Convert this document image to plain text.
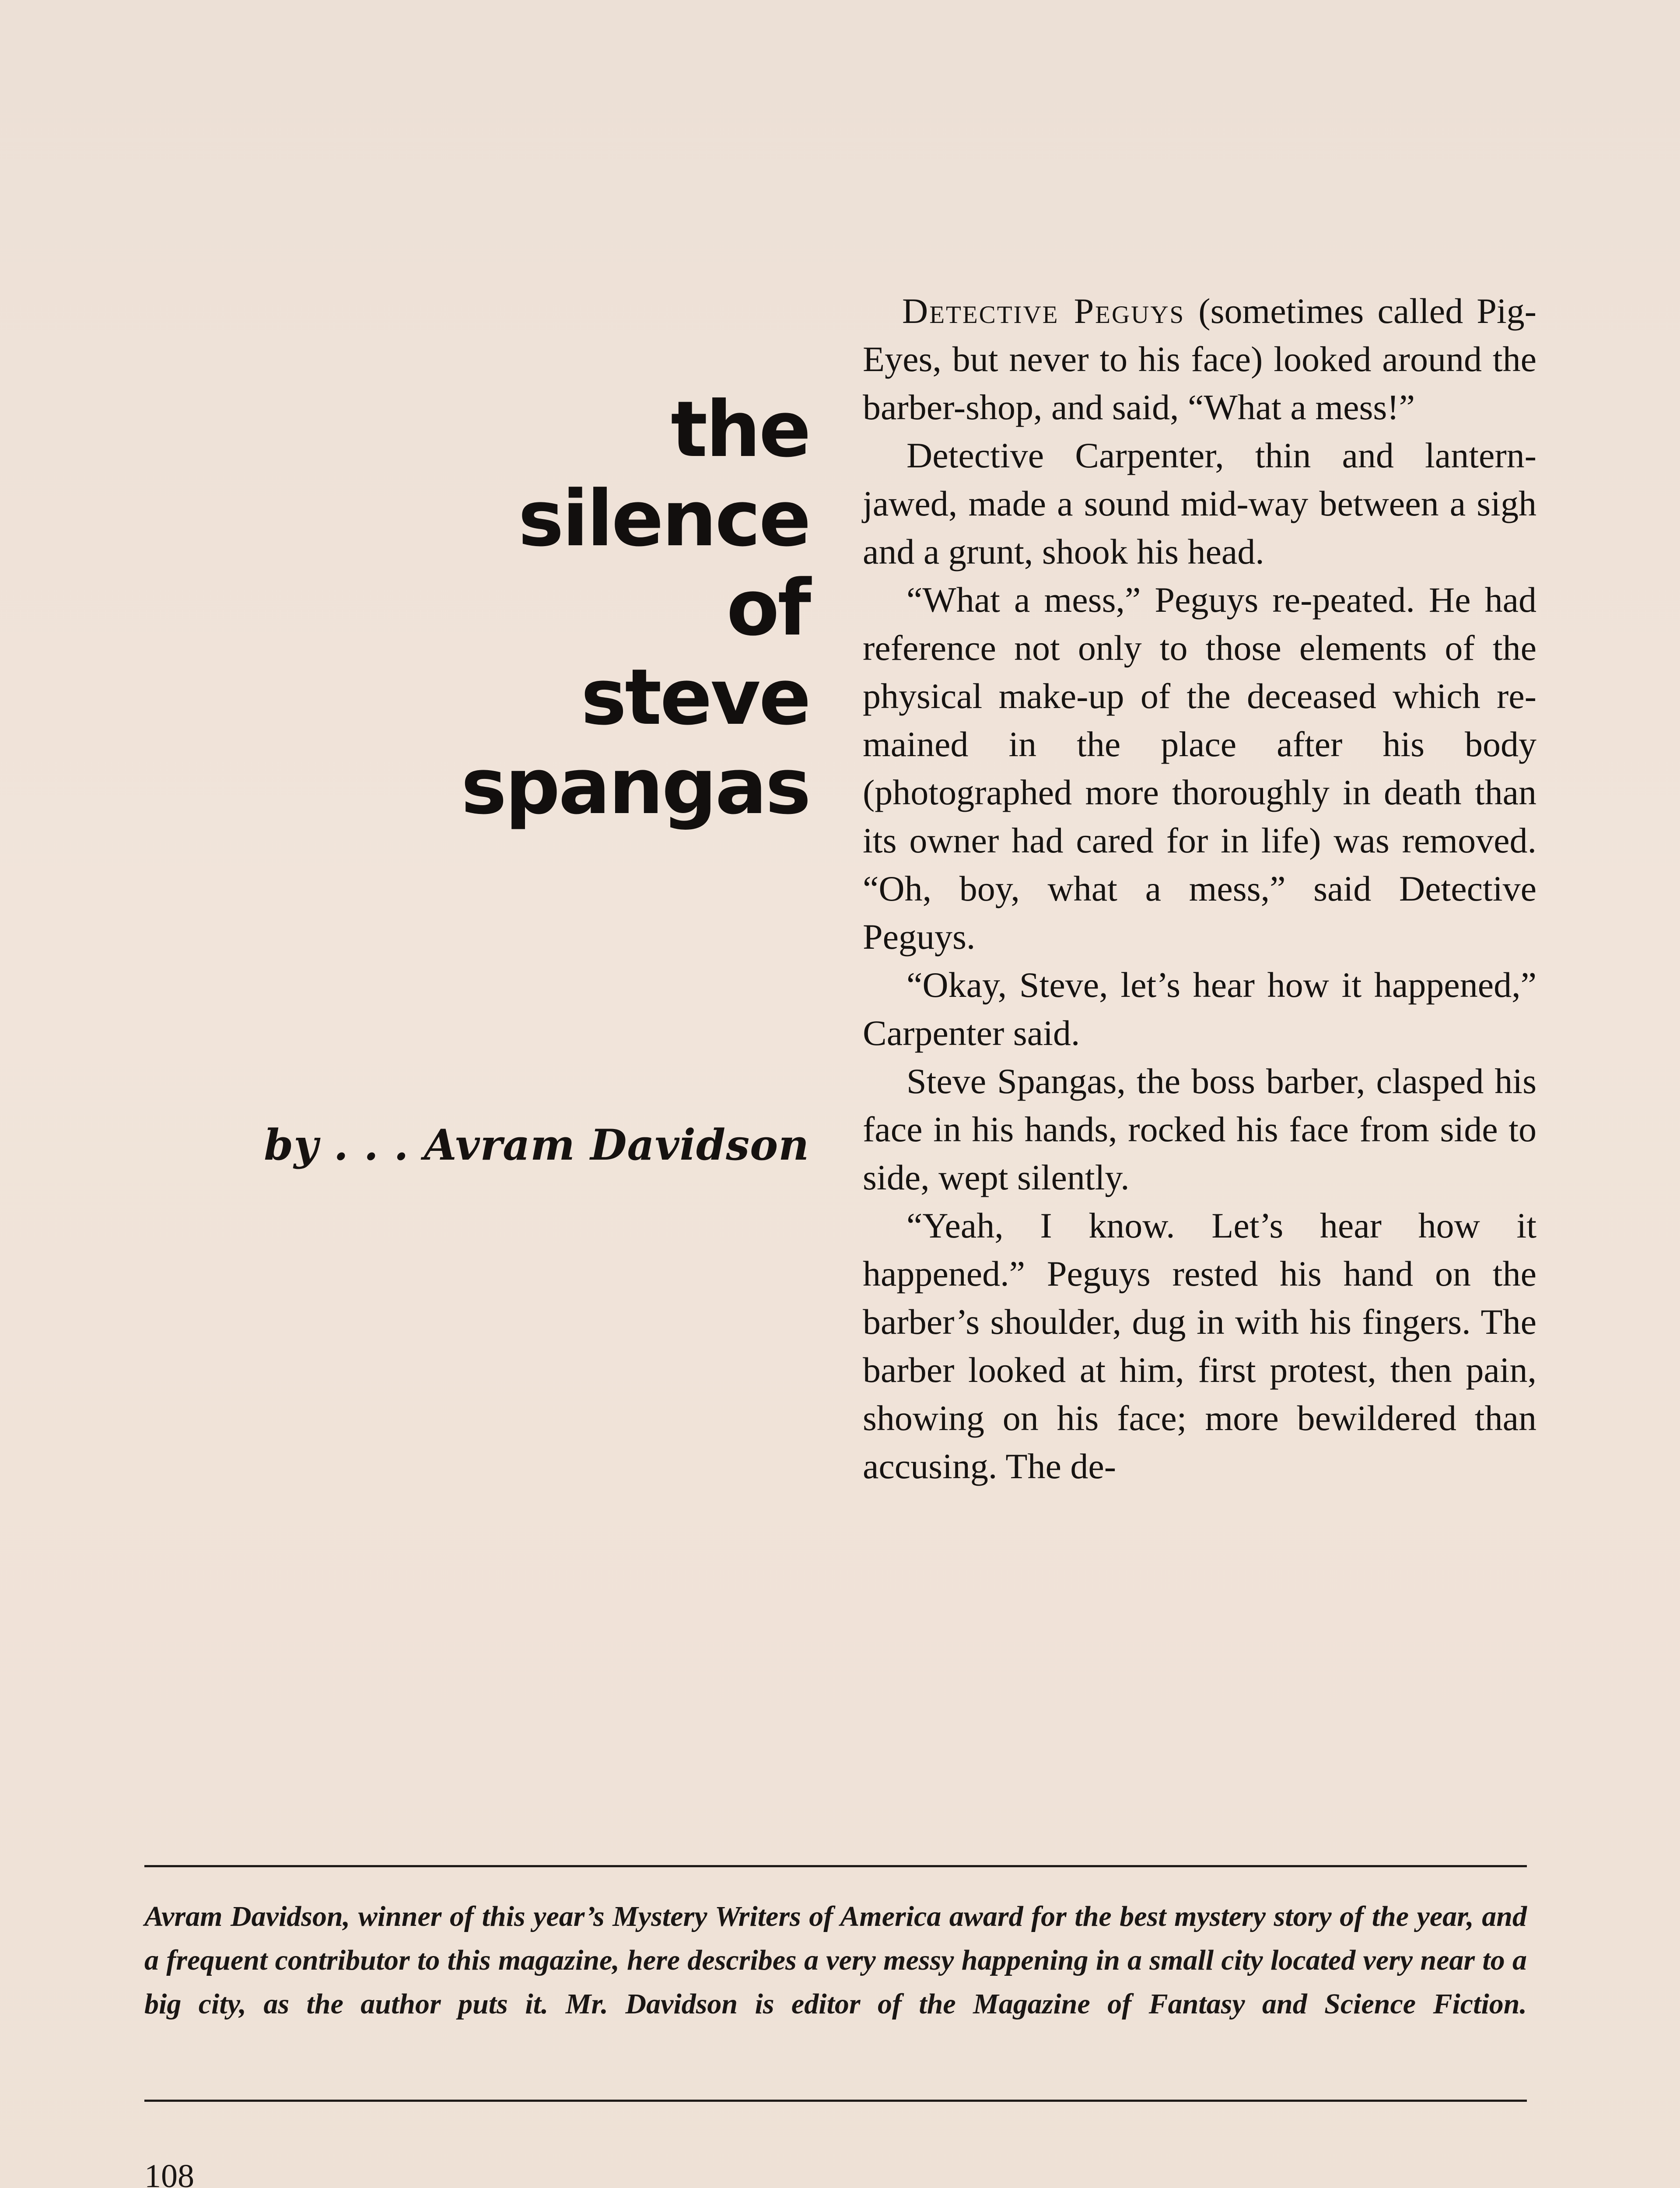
the
silence
of
steve
spangas
by . . . Avram Davidson

Detective Peguys (sometimes called Pig-Eyes, but never to his face) looked around the barber-shop, and said, “What a mess!”

Detective Carpenter, thin and lantern-jawed, made a sound mid-way between a sigh and a grunt, shook his head.

“What a mess,” Peguys re-peated. He had reference not only to those elements of the physical make-up of the deceased which re-mained in the place after his body (photographed more thoroughly in death than its owner had cared for in life) was removed. “Oh, boy, what a mess,” said Detective Peguys.

“Okay, Steve, let’s hear how it happened,” Carpenter said.

Steve Spangas, the boss barber, clasped his face in his hands, rocked his face from side to side, wept silently.

“Yeah, I know. Let’s hear how it happened.” Peguys rested his hand on the barber’s shoulder, dug in with his fingers. The barber looked at him, first protest, then pain, showing on his face; more bewildered than accusing. The de-

Avram Davidson, winner of this year’s Mystery Writers of America award for the best mystery story of the year, and a frequent contributor to this magazine, here describes a very messy happening in a small city located very near to a big city, as the author puts it. Mr. Davidson is editor of the Magazine of Fantasy and Science Fiction.
108
